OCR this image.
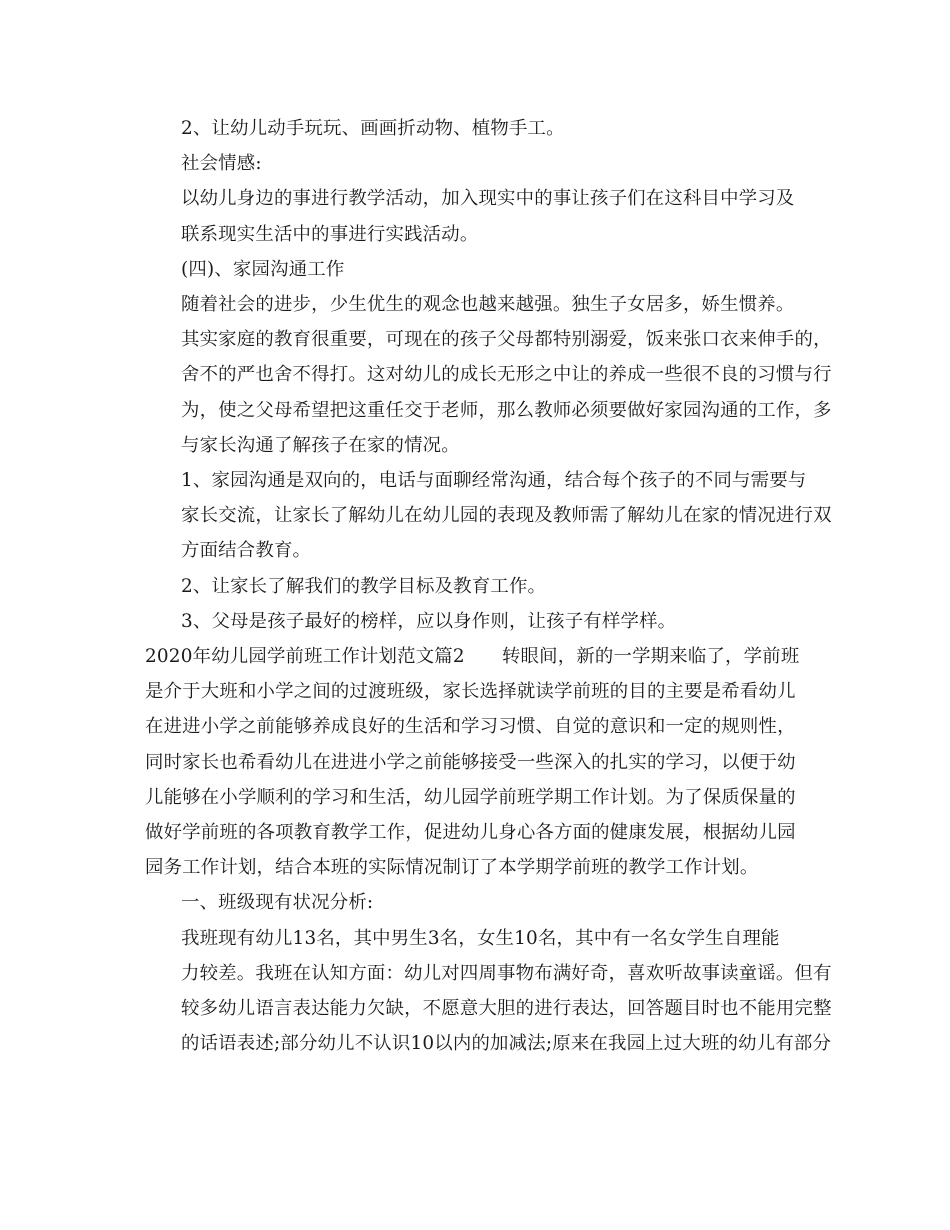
2、让幼儿动手玩玩、画画折动物、植物手工。
社会情感:
以幼儿身边的事进行教学活动，加入现实中的事让孩子们在这科目中学习及
联系现实生活中的事进行实践活动。
(四)、家园沟通工作
随着社会的进步，少生优生的观念也越来越强。独生子女居多，娇生惯养。
其实家庭的教育很重要，可现在的孩子父母都特别溺爱，饭来张口衣来伸手的，
舍不的严也舍不得打。这对幼儿的成长无形之中让的养成一些很不良的习惯与行
为，使之父母希望把这重任交于老师，那么教师必须要做好家园沟通的工作，多
与家长沟通了解孩子在家的情况。
1、家园沟通是双向的，电话与面聊经常沟通，结合每个孩子的不同与需要与
家长交流，让家长了解幼儿在幼儿园的表现及教师需了解幼儿在家的情况进行双
方面结合教育。
2、让家长了解我们的教学目标及教育工作。
3、父母是孩子最好的榜样，应以身作则，让孩子有样学样。
2020年幼儿园学前班工作计划范文篇2　　转眼间，新的一学期来临了，学前班
是介于大班和小学之间的过渡班级，家长选择就读学前班的目的主要是希看幼儿
在进进小学之前能够养成良好的生活和学习习惯、自觉的意识和一定的规则性，
同时家长也希看幼儿在进进小学之前能够接受一些深入的扎实的学习，以便于幼
儿能够在小学顺利的学习和生活，幼儿园学前班学期工作计划。为了保质保量的
做好学前班的各项教育教学工作，促进幼儿身心各方面的健康发展，根据幼儿园
园务工作计划，结合本班的实际情况制订了本学期学前班的教学工作计划。
一、班级现有状况分析:
我班现有幼儿13名，其中男生3名，女生10名，其中有一名女学生自理能
力较差。我班在认知方面：幼儿对四周事物布满好奇，喜欢听故事读童谣。但有
较多幼儿语言表达能力欠缺，不愿意大胆的进行表达，回答题目时也不能用完整
的话语表述;部分幼儿不认识10以内的加减法;原来在我园上过大班的幼儿有部分
